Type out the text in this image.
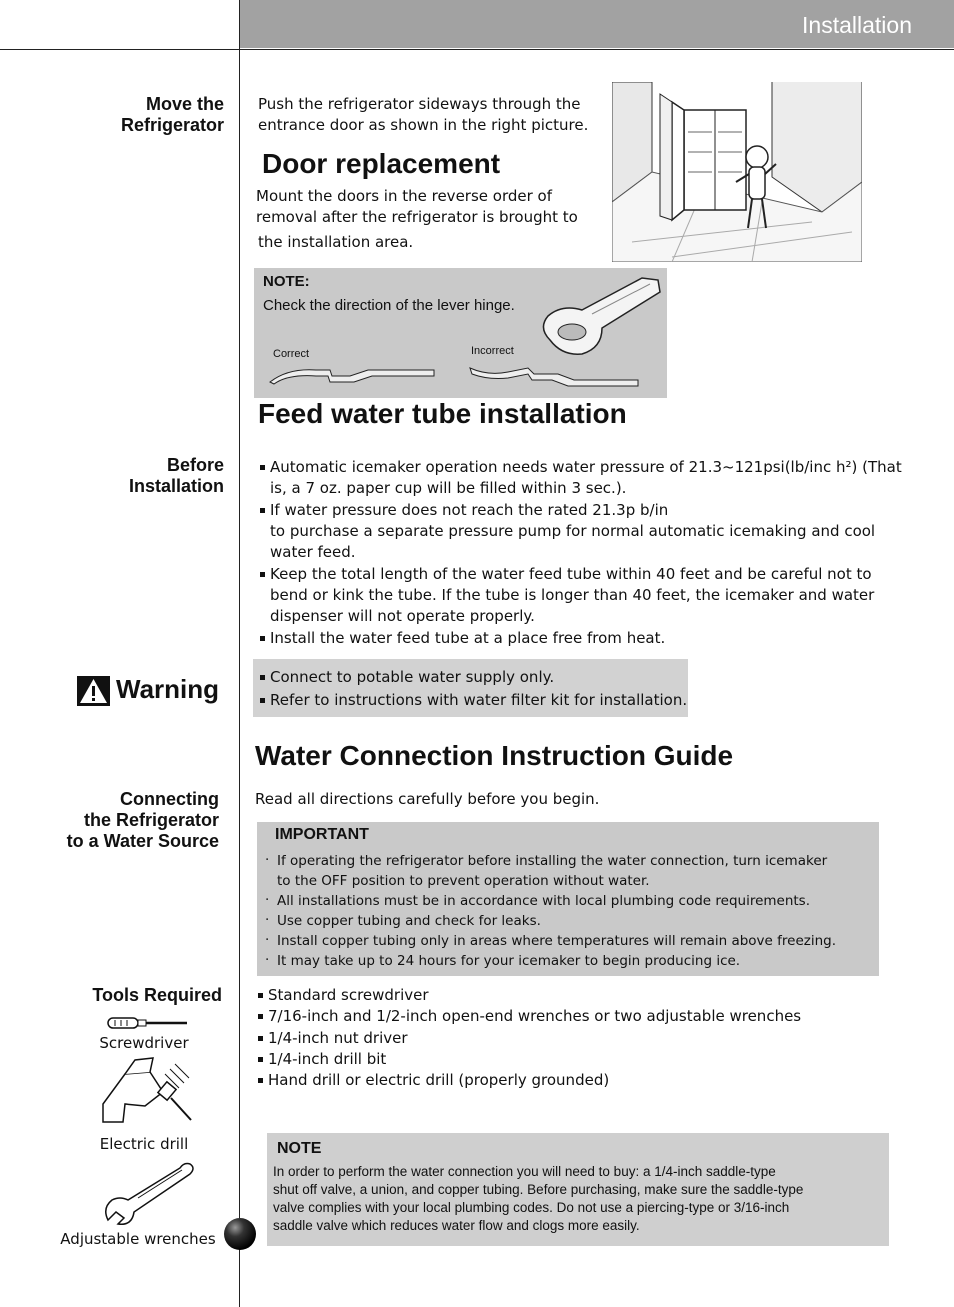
Installation
Move the
Refrigerator
Before
Installation
Warning
Connecting
the Refrigerator
to a Water Source
Tools Required
Screwdriver
Electric drill
Adjustable wrenches
Push the refrigerator sideways through the
entrance door as shown in the right picture.
Door replacement
Mount the doors in the reverse order of
removal after the refrigerator is brought to
the installation area.
NOTE:
Check the direction of the lever hinge.
Correct	Incorrect
Feed water tube installation
Automatic icemaker operation needs water pressure of 21.3~121psi(lb/inc h²) (That
is, a 7 oz. paper cup will be filled within 3 sec.).
If water pressure does not reach the rated 21.3p b/in
to purchase a separate pressure pump for normal automatic icemaking and cool
water feed.
Keep the total length of the water feed tube within 40 feet and be careful not to
bend or kink the tube. If the tube is longer than 40 feet, the icemaker and water
dispenser will not operate properly.
Install the water feed tube at a place free from heat.
Connect to potable water supply only.
Refer to instructions with water filter kit for installation.
Water Connection Instruction Guide
Read all directions carefully before you begin.
IMPORTANT
· If operating the refrigerator before installing the water connection, turn icemaker
to the OFF position to prevent operation without water.
· All installations must be in accordance with local plumbing code requirements.
· Use copper tubing and check for leaks.
· Install copper tubing only in areas where temperatures will remain above freezing.
· It may take up to 24 hours for your icemaker to begin producing ice.
Standard screwdriver
7/16-inch and 1/2-inch open-end wrenches or two adjustable wrenches
1/4-inch nut driver
1/4-inch drill bit
Hand drill or electric drill (properly grounded)
NOTE
In order to perform the water connection you will need to buy: a 1/4-inch saddle-type
shut off valve, a union, and copper tubing. Before purchasing, make sure the saddle-type
valve complies with your local plumbing codes. Do not use a piercing-type or 3/16-inch
saddle valve which reduces water flow and clogs more easily.
